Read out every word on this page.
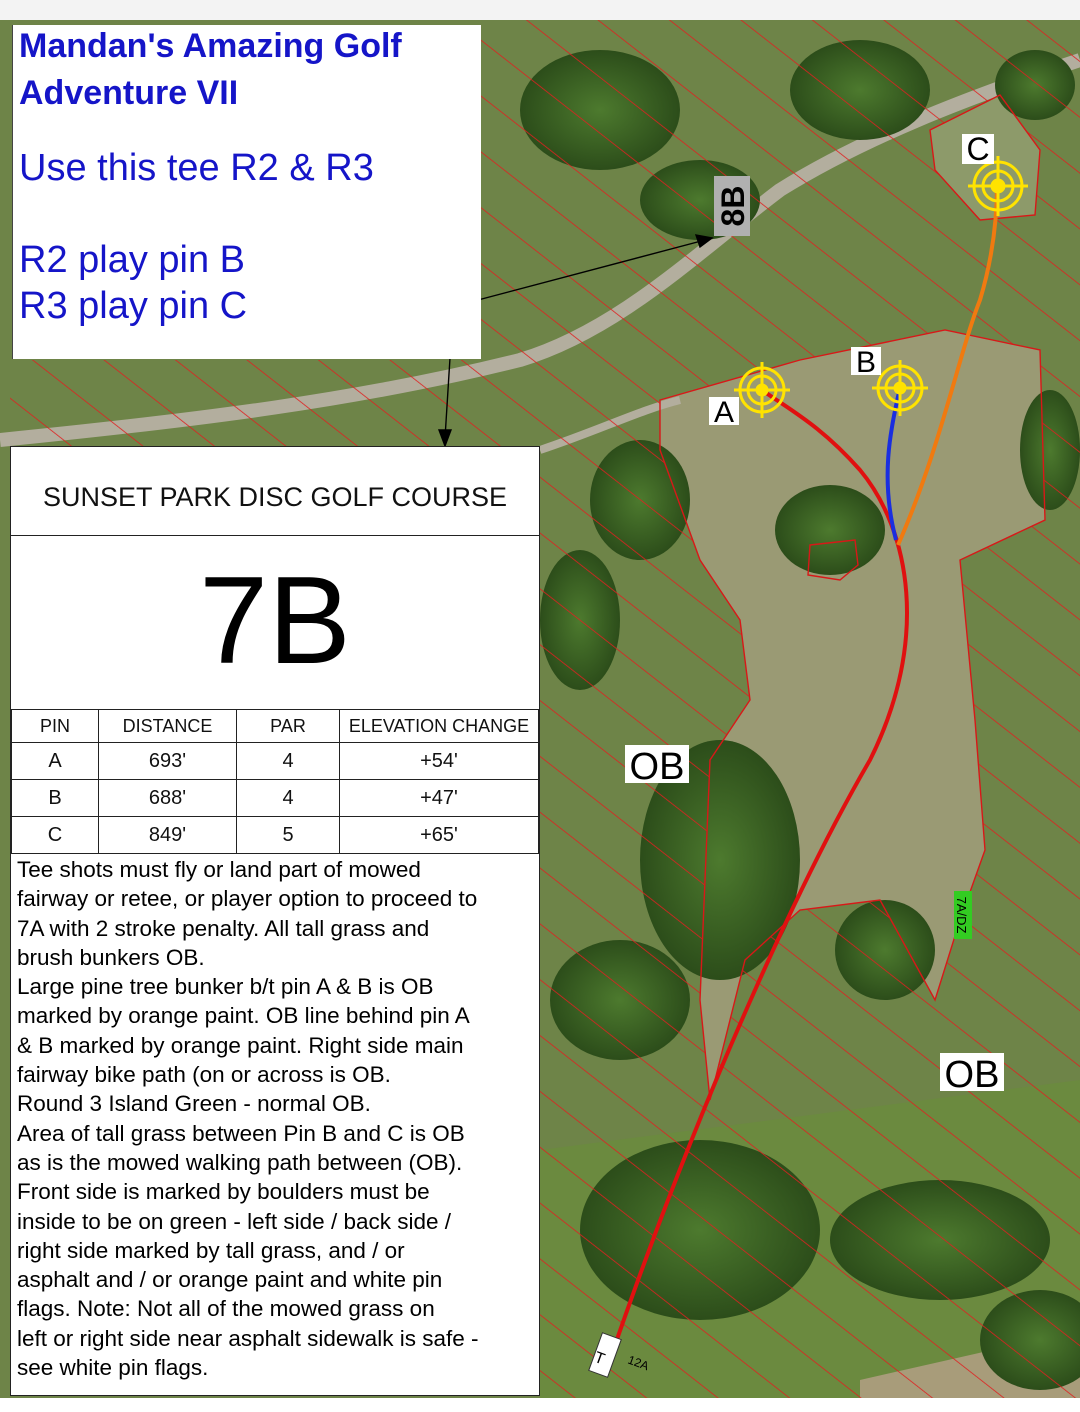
A
B
C
8B
7A/DZ
OB
OB
T 12A
Mandan's Amazing Golf
Adventure VII
Use this tee R2 & R3
R2 play pin B
R3 play pin C
SUNSET PARK DISC GOLF COURSE
7B
PIN	DISTANCE	PAR	ELEVATION CHANGE
A	693'	4	+54'
B	688'	4	+47'
C	849'	5	+65'
Tee shots must fly or land part of mowed
fairway or retee, or player option to proceed to
7A with 2 stroke penalty. All tall grass and
brush bunkers OB.
Large pine tree bunker b/t pin A & B is OB
marked by orange paint. OB line behind pin A
& B marked by orange paint. Right side main
fairway bike path (on or across is OB.
Round 3 Island Green - normal OB.
Area of tall grass between Pin B and C is OB
as is the mowed walking path between (OB).
Front side is marked by boulders must be
inside to be on green - left side / back side /
right side marked by tall grass, and / or
asphalt and / or orange paint and white pin
flags. Note: Not all of the mowed grass on
left or right side near asphalt sidewalk is safe -
see white pin flags.
